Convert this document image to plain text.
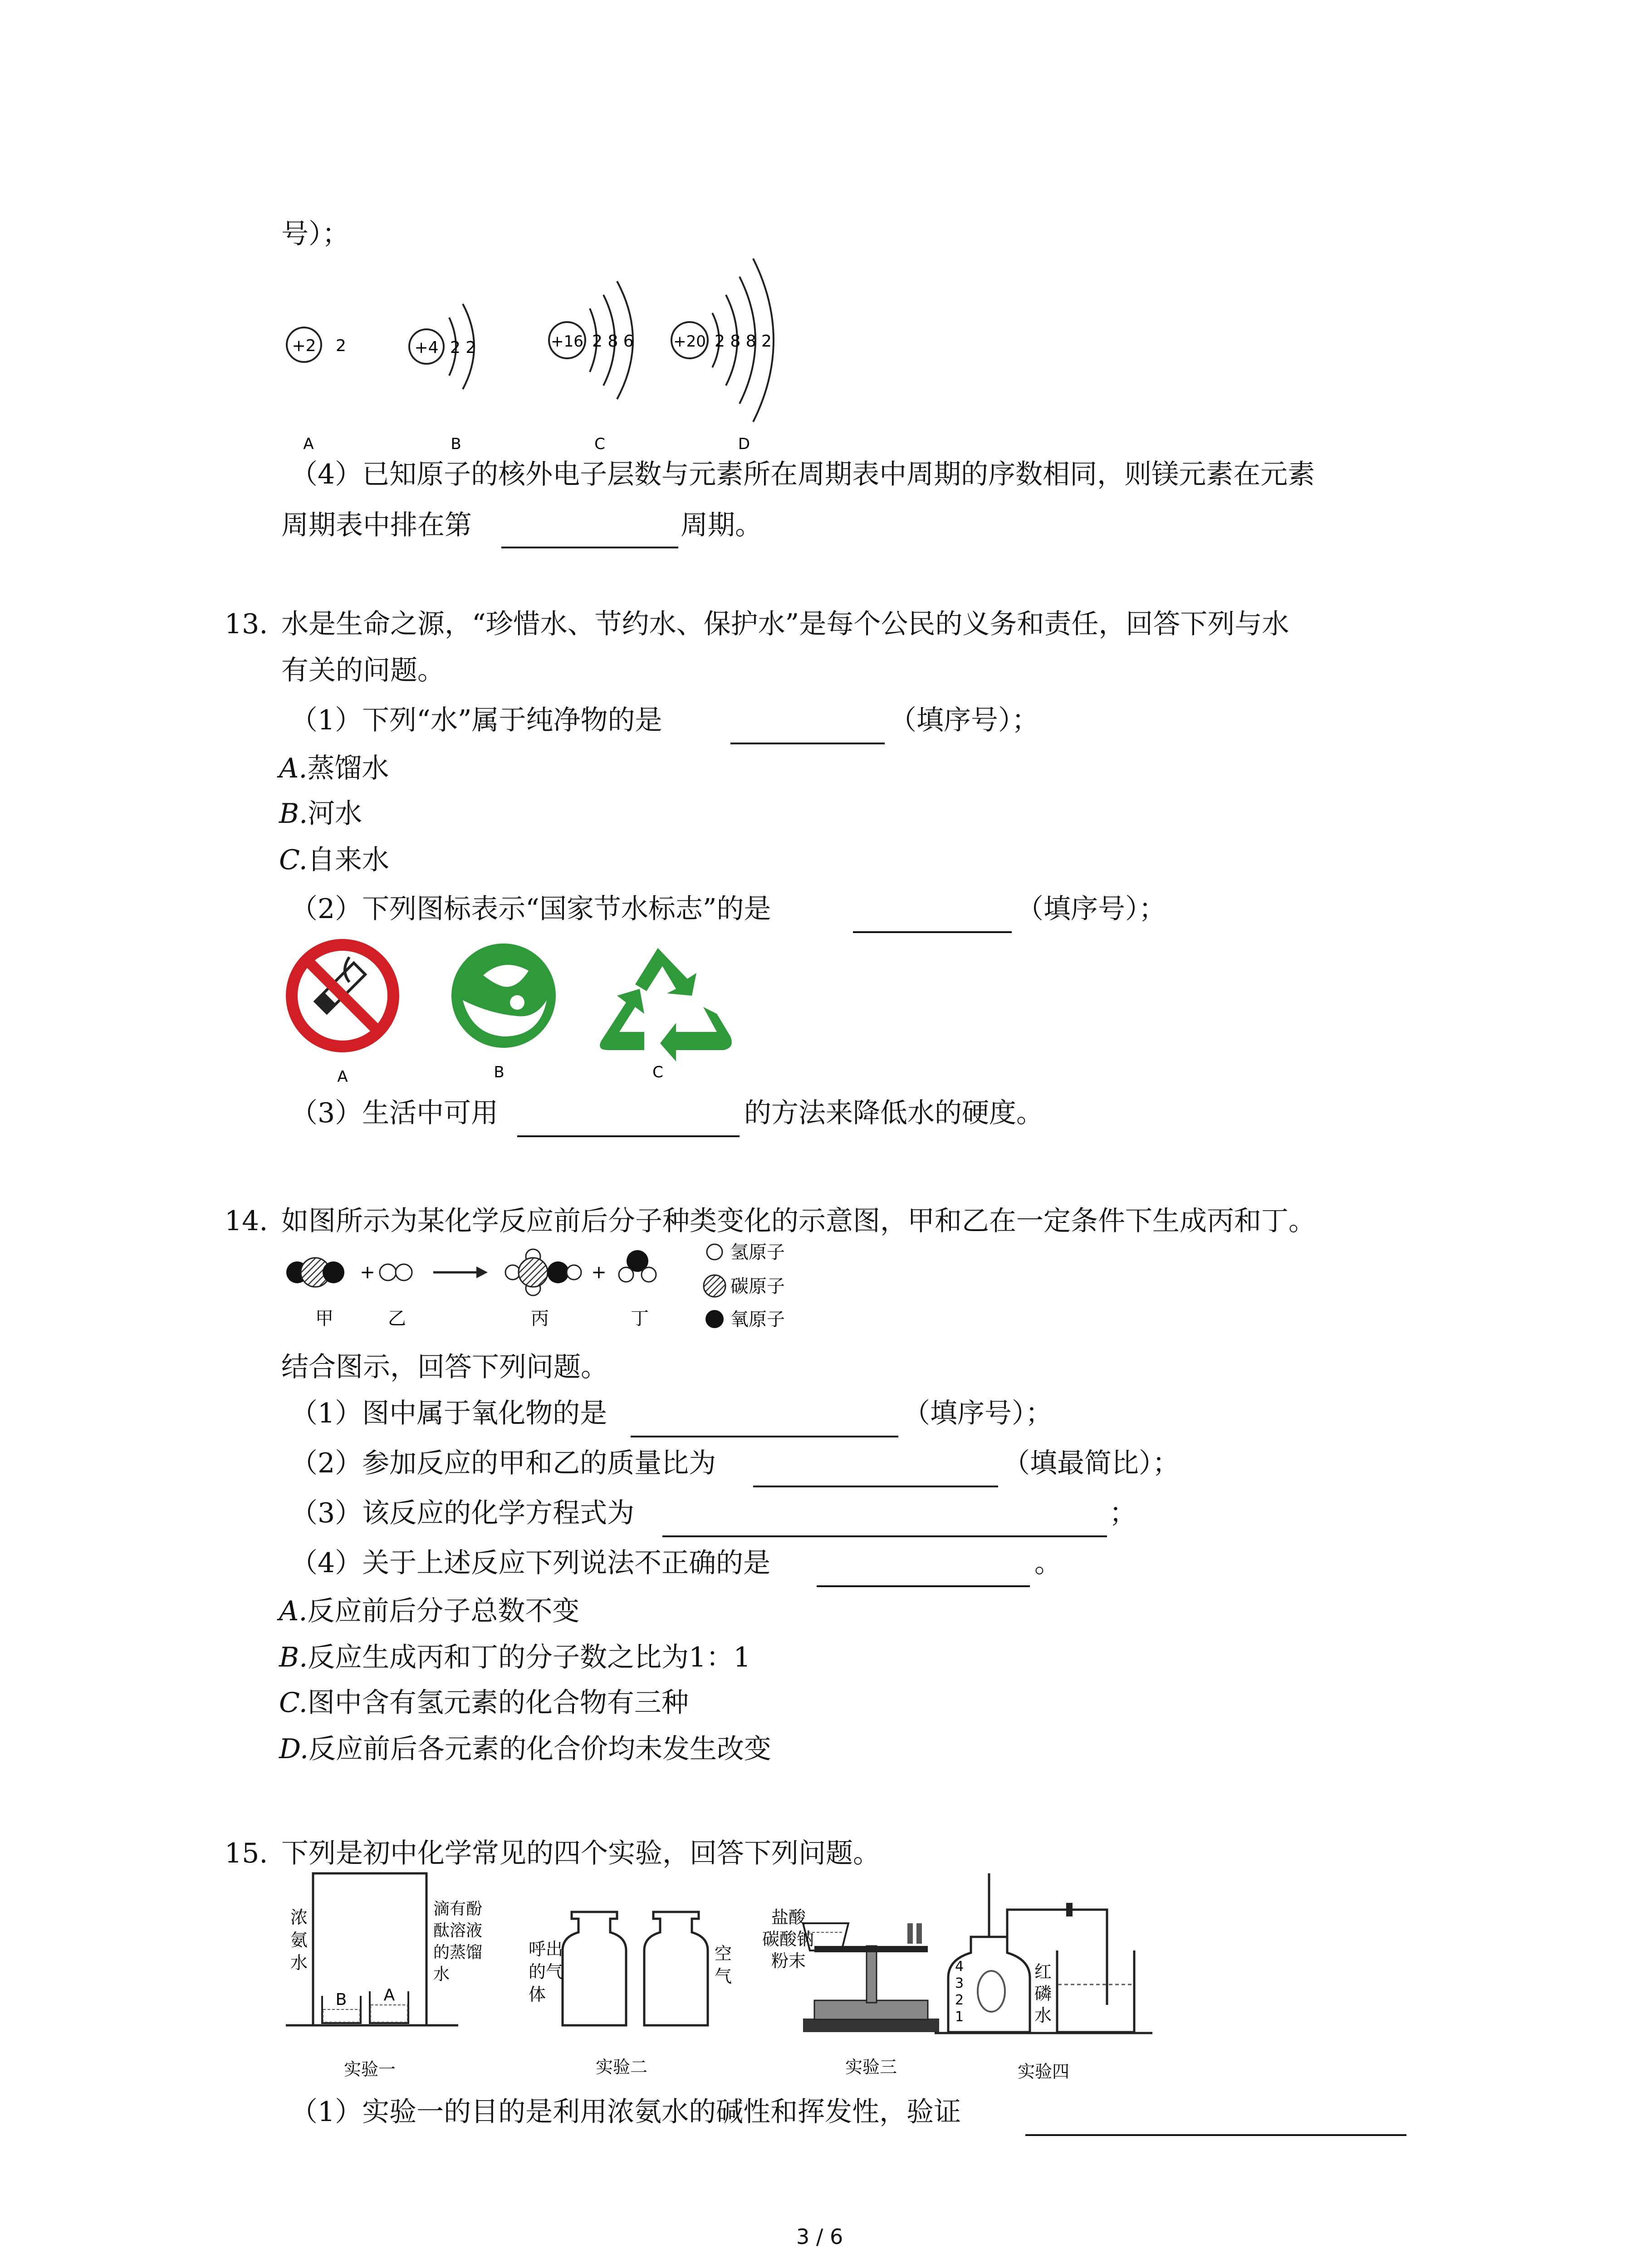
号）；
+2 2
A
+4 2 2
B
+16 2 8 6
C
+20 2 8 8 2
D
（4）已知原子的核外电子层数与元素所在周期表中周期的序数相同，则镁元素在元素
周期表中排在第	周期。
13. 水是生命之源，“珍惜水、节约水、保护水”是每个公民的义务和责任，回答下列与水
有关的问题。
（1）下列“水”属于纯净物的是	（填序号）；
A.蒸馏水
B.河水
C.自来水
（2）下列图标表示“国家节水标志”的是	（填序号）；
A	B	C
（3）生活中可用	的方法来降低水的硬度。
14. 如图所示为某化学反应前后分子种类变化的示意图，甲和乙在一定条件下生成丙和丁。
甲
+
乙	丙
+
丁
氢原子
碳原子
氧原子
结合图示，回答下列问题。
（1）图中属于氧化物的是	（填序号）；
（2）参加反应的甲和乙的质量比为	（填最简比）；
（3）该反应的化学方程式为	；
（4）关于上述反应下列说法不正确的是	。
A.反应前后分子总数不变
B.反应生成丙和丁的分子数之比为1：1
C.图中含有氢元素的化合物有三种
D.反应前后各元素的化合价均未发生改变
15. 下列是初中化学常见的四个实验，回答下列问题。
B A
浓
氨
水
滴有酚
酞溶液
的蒸馏
水
实验一
呼出
的气
体
空
气
实验二
盐酸
碳酸钠
粉末
实验三
4
3
2
1
红
磷
水
实验四
（1）实验一的目的是利用浓氨水的碱性和挥发性，验证
3 / 6
